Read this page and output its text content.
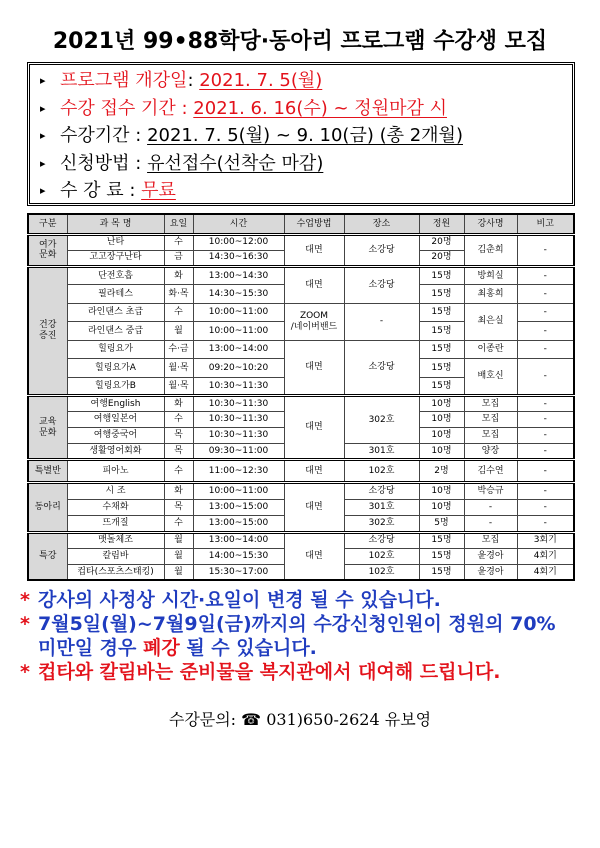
2021년 99•88학당·동아리 프로그램 수강생 모집
▸ 프로그램 개강일: 2021. 7. 5(월)
▸ 수강 접수 기간 : 2021. 6. 16(수) ~ 정원마감 시
▸ 수강기간 : 2021. 7. 5(월) ~ 9. 10(금) (총 2개월)
▸ 신청방법 : 유선접수(선착순 마감)
▸ 수 강 료 : 무료
구분	과 목 명	요일	시간	수업방법	장소	정원	강사명	비고
여가
문화	난타	수	10:00~12:00	대면	소강당	20명	김춘희	-
	고고장구난타	금	14:30~16:30			20명		
건강
증진	단전호흡	화	13:00~14:30	대면	소강당	15명	방희실	-
	필라테스	화·목	14:30~15:30			15명	최홍희	-
	라인댄스 초급	수	10:00~11:00	ZOOM
/네이버밴드	-	15명	최은실	-
	라인댄스 중급	월	10:00~11:00			15명		-
	힐링요가	수·금	13:00~14:00	대면	소강당	15명	이종란	-
	힐링요가A	월·목	09:20~10:20			15명	배호신	-
	힐링요가B	월·목	10:30~11:30			15명		
교육
문화	여행English	화	10:30~11:30	대면	302호	10명	모집	-
	여행일본어	수	10:30~11:30			10명	모집	-
	여행중국어	목	10:30~11:30			10명	모집	-
	생활영어회화	목	09:30~11:00		301호	10명	양장	-
특별반	피아노	수	11:00~12:30	대면	102호	2명	김수연	-
동아리	시 조	화	10:00~11:00	대면	소강당	10명	박승규	-
	수채화	목	13:00~15:00		301호	10명	-	-
	뜨개질	수	13:00~15:00		302호	5명	-	-
특강	맷돌체조	월	13:00~14:00	대면	소강당	15명	모집	3회기
	칼림바	월	14:00~15:30		102호	15명	윤경아	4회기
	컵타(스포츠스태킹)	월	15:30~17:00		102호	15명	윤경아	4회기
* 강사의 사정상 시간·요일이 변경 될 수 있습니다.
* 7월5일(월)~7월9일(금)까지의 수강신청인원이 정원의 70%
미만일 경우 폐강 될 수 있습니다.
* 컵타와 칼림바는 준비물을 복지관에서 대여해 드립니다.
수강문의: ☎ 031)650-2624 유보영
